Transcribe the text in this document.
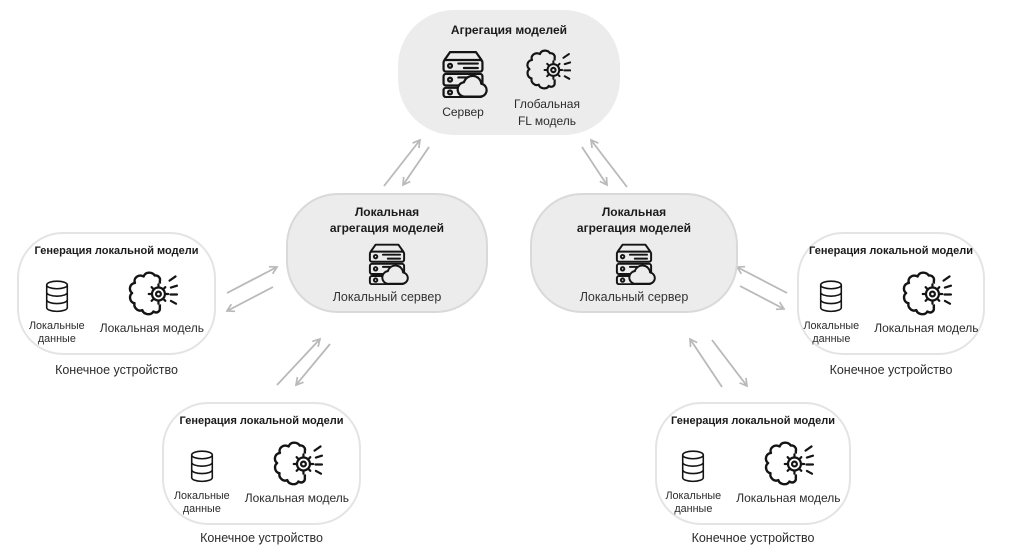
Агрегация моделей
Сервер
Глобальная
FL модель
Локальная
агрегация моделей
Локальный сервер
Локальная
агрегация моделей
Локальный сервер
Генерация локальной модели
Локальные
данные
Локальная модель
Конечное устройство
Генерация локальной модели
Локальные
данные
Локальная модель
Конечное устройство
Генерация локальной модели
Локальные
данные
Локальная модель
Конечное устройство
Генерация локальной модели
Локальные
данные
Локальная модель
Конечное устройство
